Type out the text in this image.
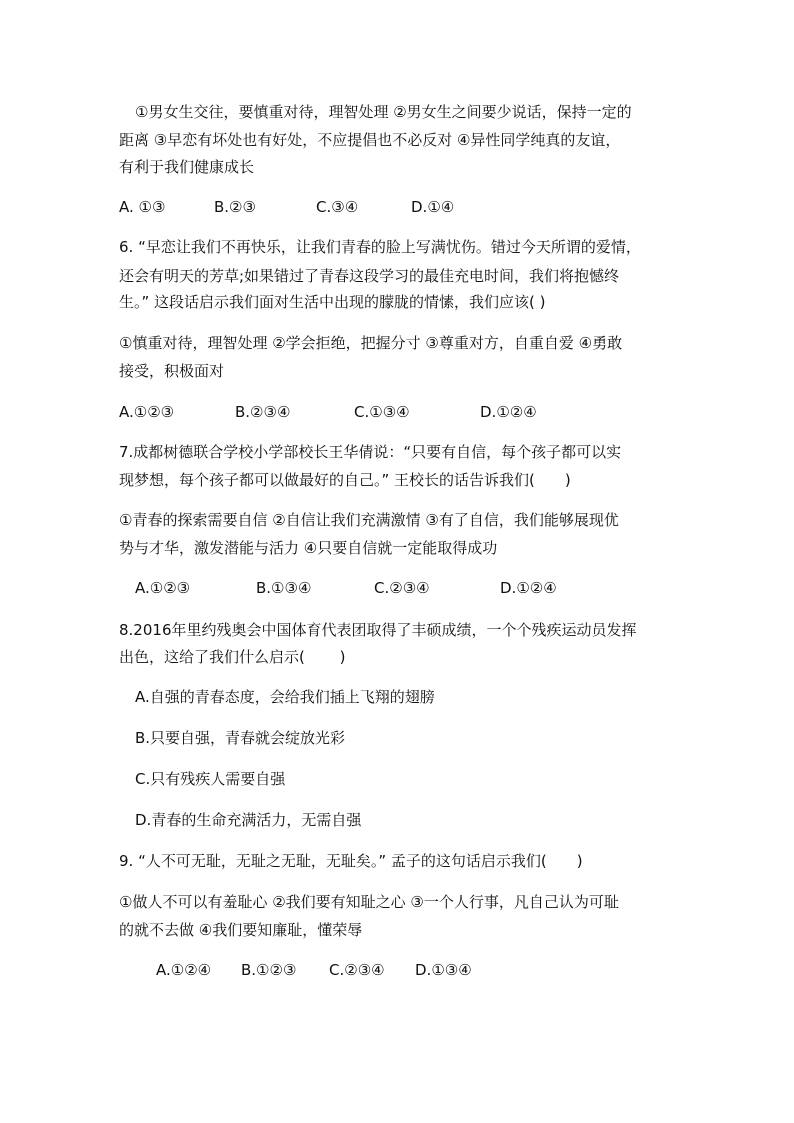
①男女生交往，要慎重对待，理智处理 ②男女生之间要少说话，保持一定的
距离 ③早恋有坏处也有好处，不应提倡也不必反对 ④异性同学纯真的友谊，
有利于我们健康成长
A. ①③	B.②③	C.③④	D.①④
6. “早恋让我们不再快乐，让我们青春的脸上写满忧伤。错过今天所谓的爱情，
还会有明天的芳草;如果错过了青春这段学习的最佳充电时间，我们将抱憾终
生。” 这段话启示我们面对生活中出现的朦胧的情愫，我们应该( )
①慎重对待，理智处理 ②学会拒绝，把握分寸 ③尊重对方，自重自爱 ④勇敢
接受，积极面对
A.①②③	B.②③④	C.①③④	D.①②④
7.成都树德联合学校小学部校长王华倩说：“只要有自信，每个孩子都可以实
现梦想，每个孩子都可以做最好的自己。” 王校长的话告诉我们(　　)
①青春的探索需要自信 ②自信让我们充满激情 ③有了自信，我们能够展现优
势与才华，激发潜能与活力 ④只要自信就一定能取得成功
A.①②③	B.①③④	C.②③④	D.①②④
8.2016年里约残奥会中国体育代表团取得了丰硕成绩，一个个残疾运动员发挥
出色，这给了我们什么启示(　　 )
A.自强的青春态度，会给我们插上飞翔的翅膀
B.只要自强，青春就会绽放光彩
C.只有残疾人需要自强
D.青春的生命充满活力，无需自强
9. “人不可无耻，无耻之无耻，无耻矣。” 孟子的这句话启示我们(　　)
①做人不可以有羞耻心 ②我们要有知耻之心 ③一个人行事，凡自己认为可耻
的就不去做 ④我们要知廉耻，懂荣辱
A.①②④ B.①②③ C.②③④ D.①③④
